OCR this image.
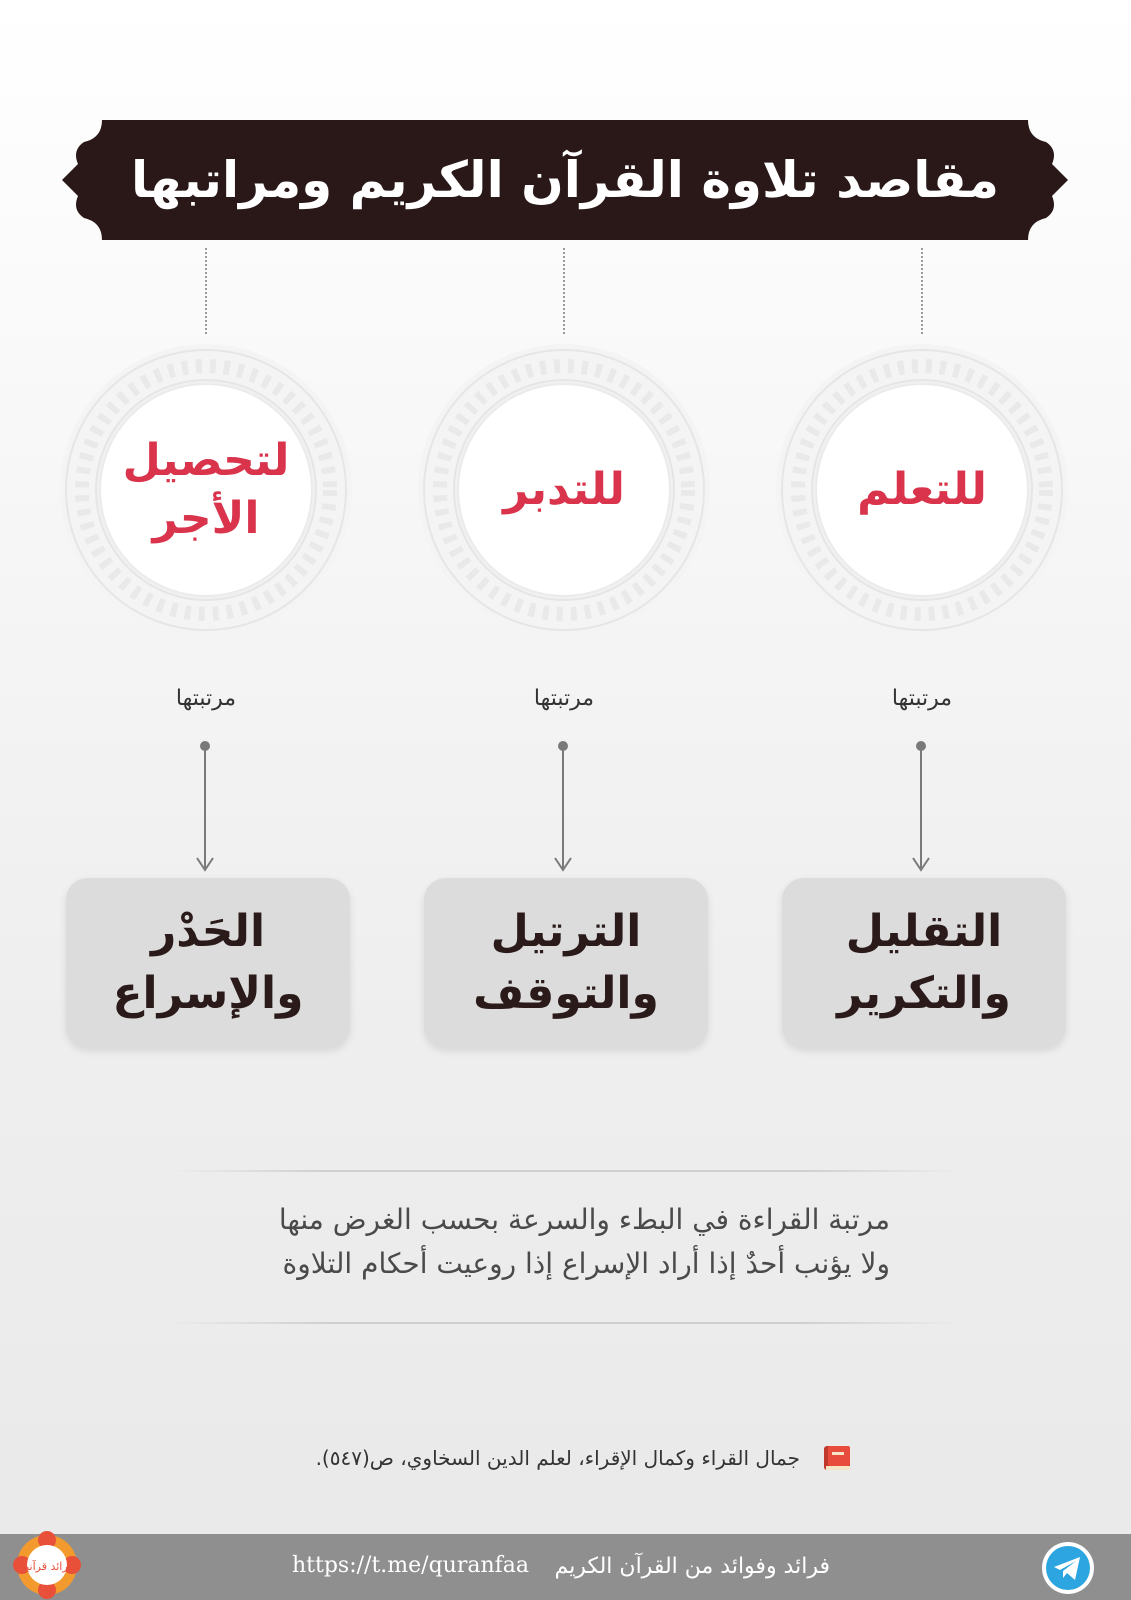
مقاصد تلاوة القرآن الكريم ومراتبها
لتحصيل الأجر
للتدبر	للتعلم
مرتبتها	مرتبتها	مرتبتها
الحَدْر والإسراع
الترتيل والتوقف
التقليل والتكرير
مرتبة القراءة في البطء والسرعة بحسب الغرض منها
ولا يؤنب أحدٌ إذا أراد الإسراع إذا روعيت أحكام التلاوة
جمال القراء وكمال الإقراء، لعلم الدين السخاوي، ص(٥٤٧).
فرائد وفوائد من القرآن الكريم
https://t.me/quranfaa
فرائد قرآنية
